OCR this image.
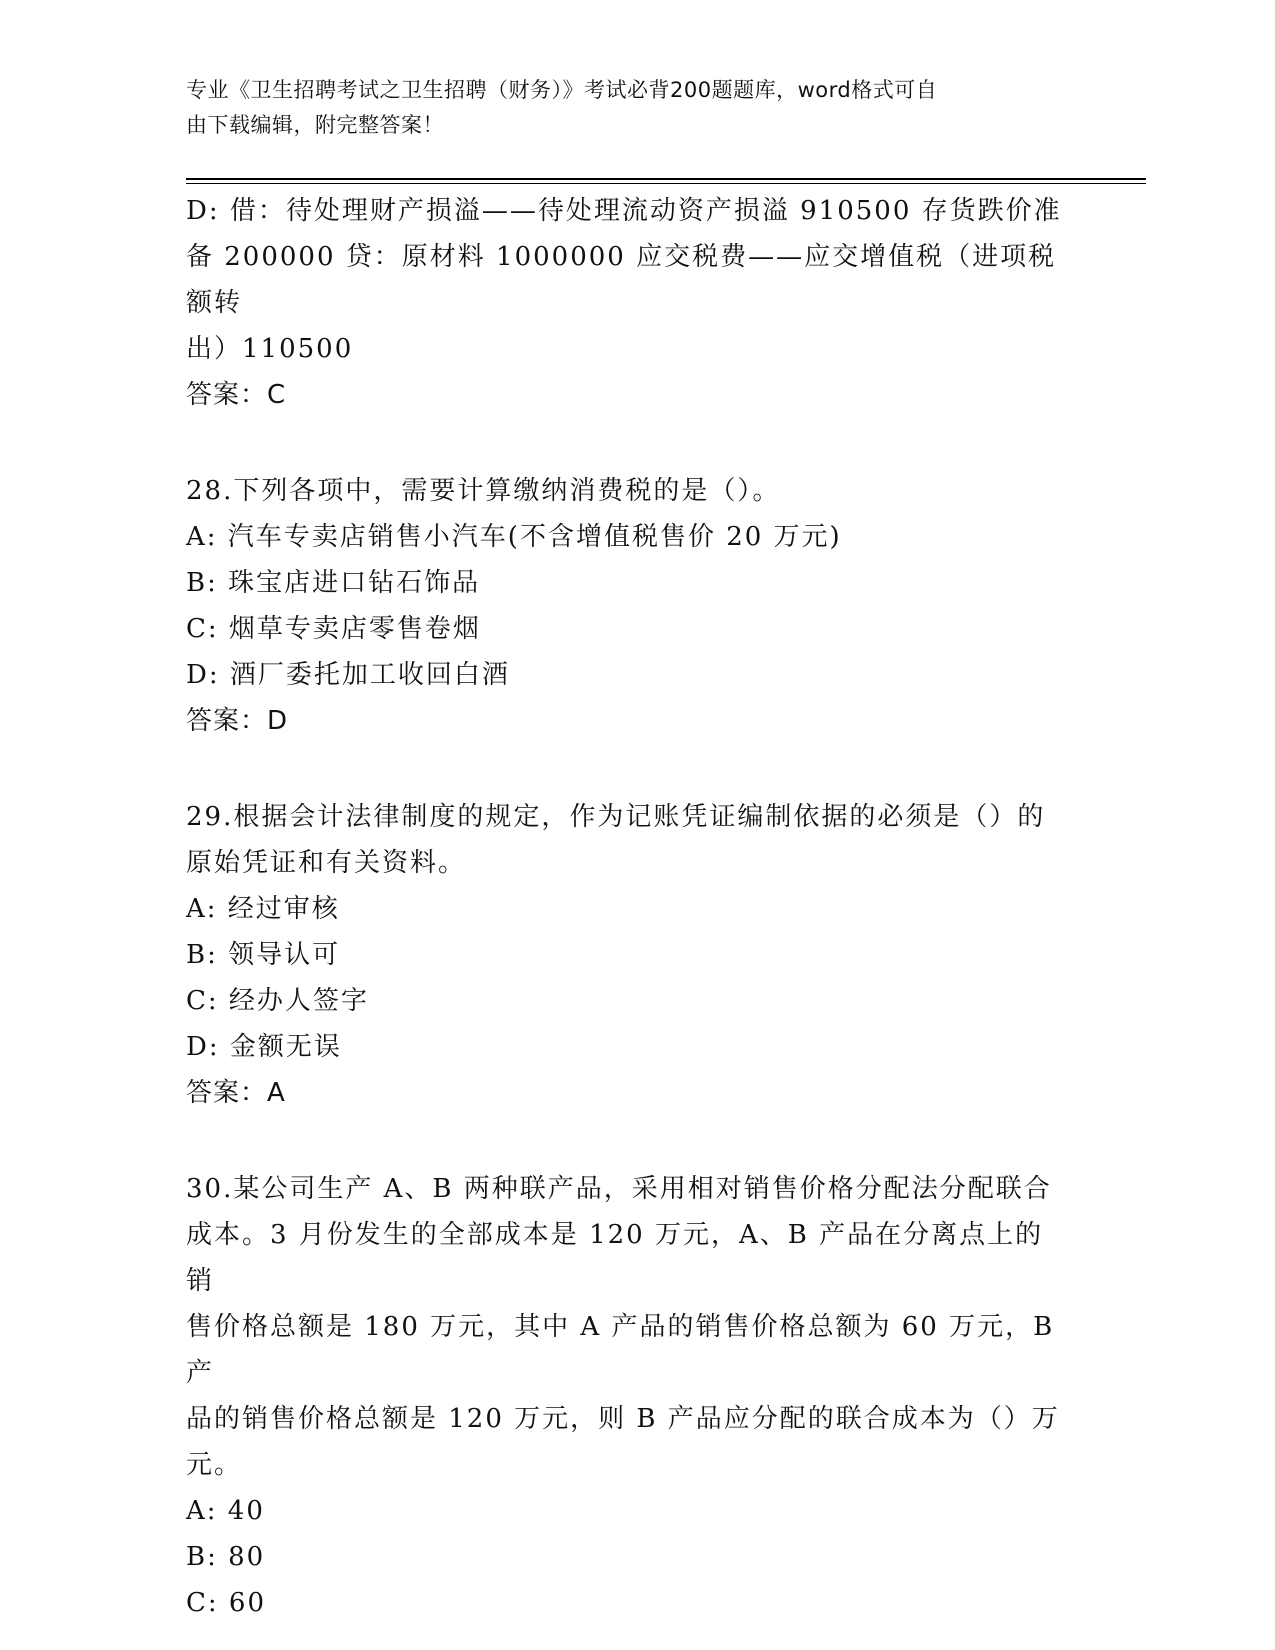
专业《卫生招聘考试之卫生招聘（财务）》考试必背200题题库，word格式可自
由下载编辑，附完整答案！
D: 借：待处理财产损溢——待处理流动资产损溢 910500 存货跌价准
备 200000 贷：原材料 1000000 应交税费——应交增值税（进项税额转
出）110500
答案：C
28.下列各项中，需要计算缴纳消费税的是（）。
A: 汽车专卖店销售小汽车(不含增值税售价 20 万元)
B: 珠宝店进口钻石饰品
C: 烟草专卖店零售卷烟
D: 酒厂委托加工收回白酒
答案：D
29.根据会计法律制度的规定，作为记账凭证编制依据的必须是（）的
原始凭证和有关资料。
A: 经过审核
B: 领导认可
C: 经办人签字
D: 金额无误
答案：A
30.某公司生产 A、B 两种联产品，采用相对销售价格分配法分配联合
成本。3 月份发生的全部成本是 120 万元，A、B 产品在分离点上的销
售价格总额是 180 万元，其中 A 产品的销售价格总额为 60 万元，B 产
品的销售价格总额是 120 万元，则 B 产品应分配的联合成本为（）万
元。
A: 40
B: 80
C: 60
